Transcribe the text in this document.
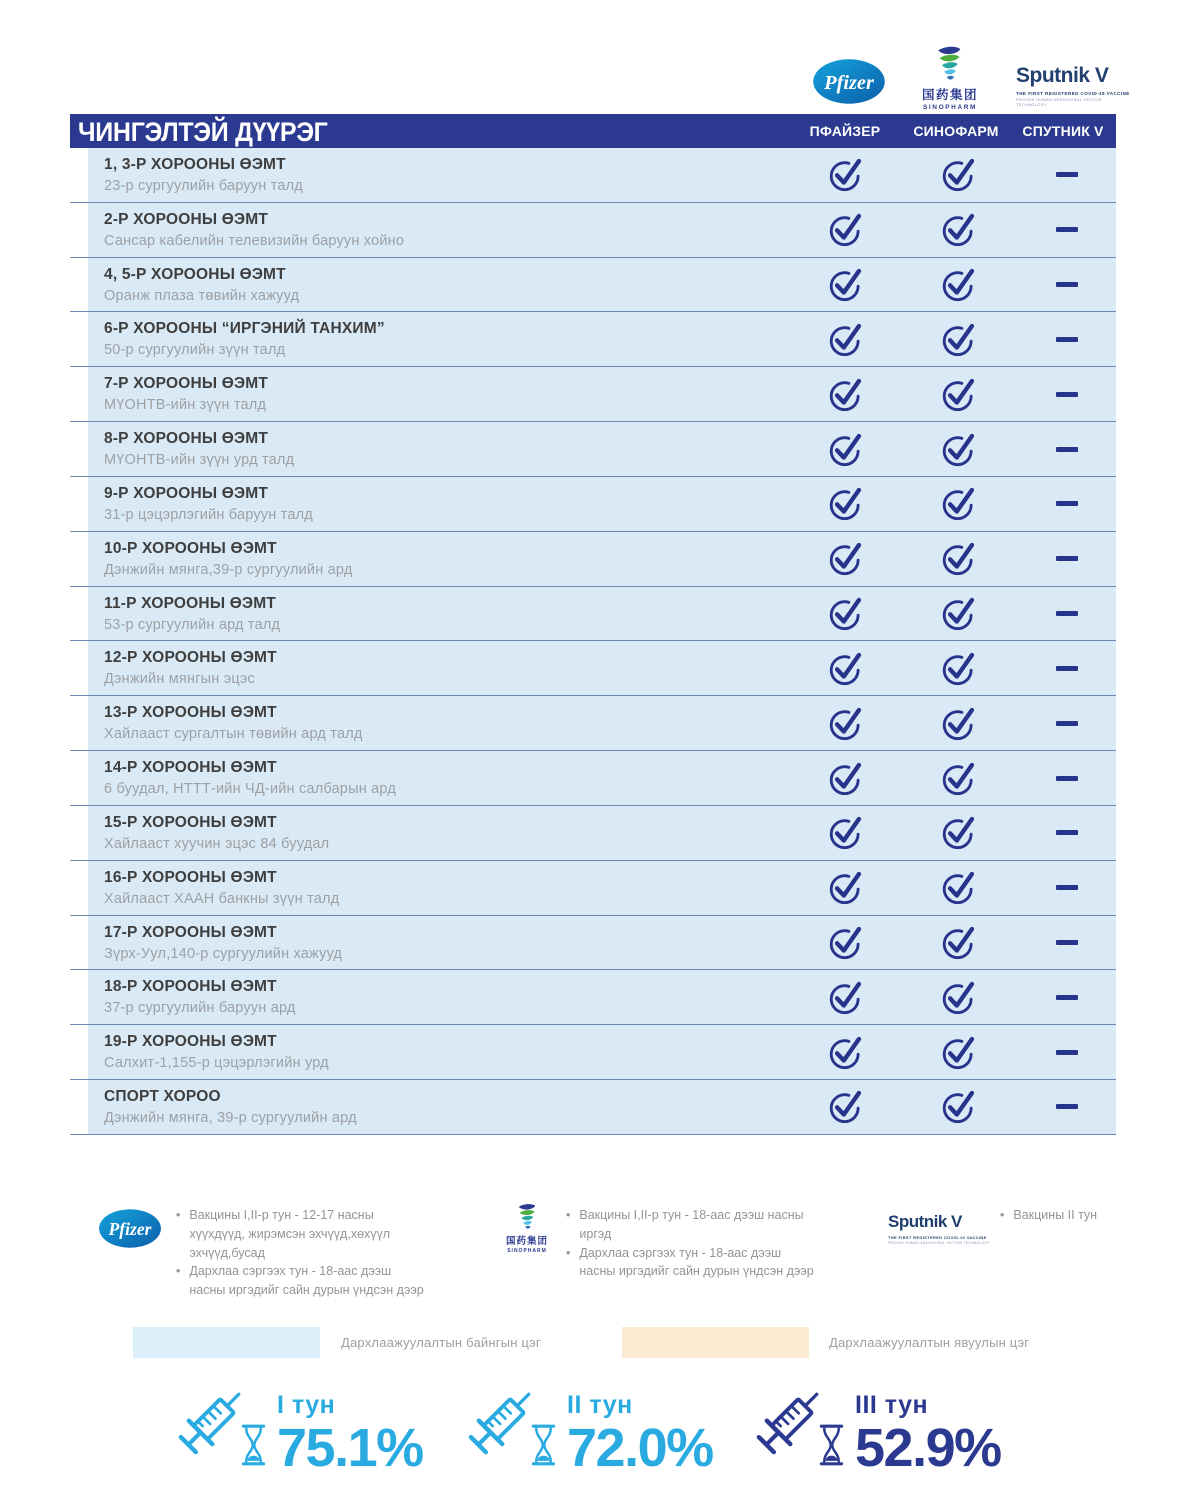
Pfizer
国药集团
SINOPHARM
Sputnik V
THE FIRST REGISTERED COVID-19 VACCINE
PROVEN HUMAN ADENOVIRAL VECTOR TECHNOLOGY
ЧИНГЭЛТЭЙ ДҮҮРЭГ	ПФАЙЗЕР СИНОФАРМ СПУТНИК V
1, 3-Р ХОРООНЫ ӨЭМТ
23-р сургуулийн баруун талд
2-Р ХОРООНЫ ӨЭМТ
Сансар кабелийн телевизийн баруун хойно
4, 5-Р ХОРООНЫ ӨЭМТ
Оранж плаза төвийн хажууд
6-Р ХОРООНЫ “ИРГЭНИЙ ТАНХИМ”
50-р сургуулийн зүүн талд
7-Р ХОРООНЫ ӨЭМТ
МҮОНТВ-ийн зүүн талд
8-Р ХОРООНЫ ӨЭМТ
МҮОНТВ-ийн зүүн урд талд
9-Р ХОРООНЫ ӨЭМТ
31-р цэцэрлэгийн баруун талд
10-Р ХОРООНЫ ӨЭМТ
Дэнжийн мянга,39-р сургуулийн ард
11-Р ХОРООНЫ ӨЭМТ
53-р сургуулийн ард талд
12-Р ХОРООНЫ ӨЭМТ
Дэнжийн мянгын эцэс
13-Р ХОРООНЫ ӨЭМТ
Хайлааст сургалтын төвийн ард талд
14-Р ХОРООНЫ ӨЭМТ
6 буудал, НТТТ-ийн ЧД-ийн салбарын ард
15-Р ХОРООНЫ ӨЭМТ
Хайлааст хуучин эцэс 84 буудал
16-Р ХОРООНЫ ӨЭМТ
Хайлааст ХААН банкны зүүн талд
17-Р ХОРООНЫ ӨЭМТ
Зүрх-Уул,140-р сургуулийн хажууд
18-Р ХОРООНЫ ӨЭМТ
37-р сургуулийн баруун ард
19-Р ХОРООНЫ ӨЭМТ
Салхит-1,155-р цэцэрлэгийн урд
СПОРТ ХОРОО
Дэнжийн мянга, 39-р сургуулийн ард
Pfizer
• Вакцины I,II-р тун - 12-17 насны хүүхдүүд, жирэмсэн эхчүүд,хөхүүл эхчүүд,бусад
• Дархлаа сэргээх тун - 18-аас дээш насны иргэдийг сайн дурын үндсэн дээр
国药集团
SINOPHARM
• Вакцины I,II-р тун - 18-аас дээш насны иргэд
• Дархлаа сэргээх тун - 18-аас дээш насны иргэдийг сайн дурын үндсэн дээр
Sputnik V
THE FIRST REGISTERED COVID-19 VACCINE
PROVEN HUMAN ADENOVIRAL VECTOR TECHNOLOGY
• Вакцины II тун
Дархлаажуулалтын байнгын цэг	Дархлаажуулалтын явуулын цэг
I тун
75.1%
II тун
72.0%
III тун
52.9%
